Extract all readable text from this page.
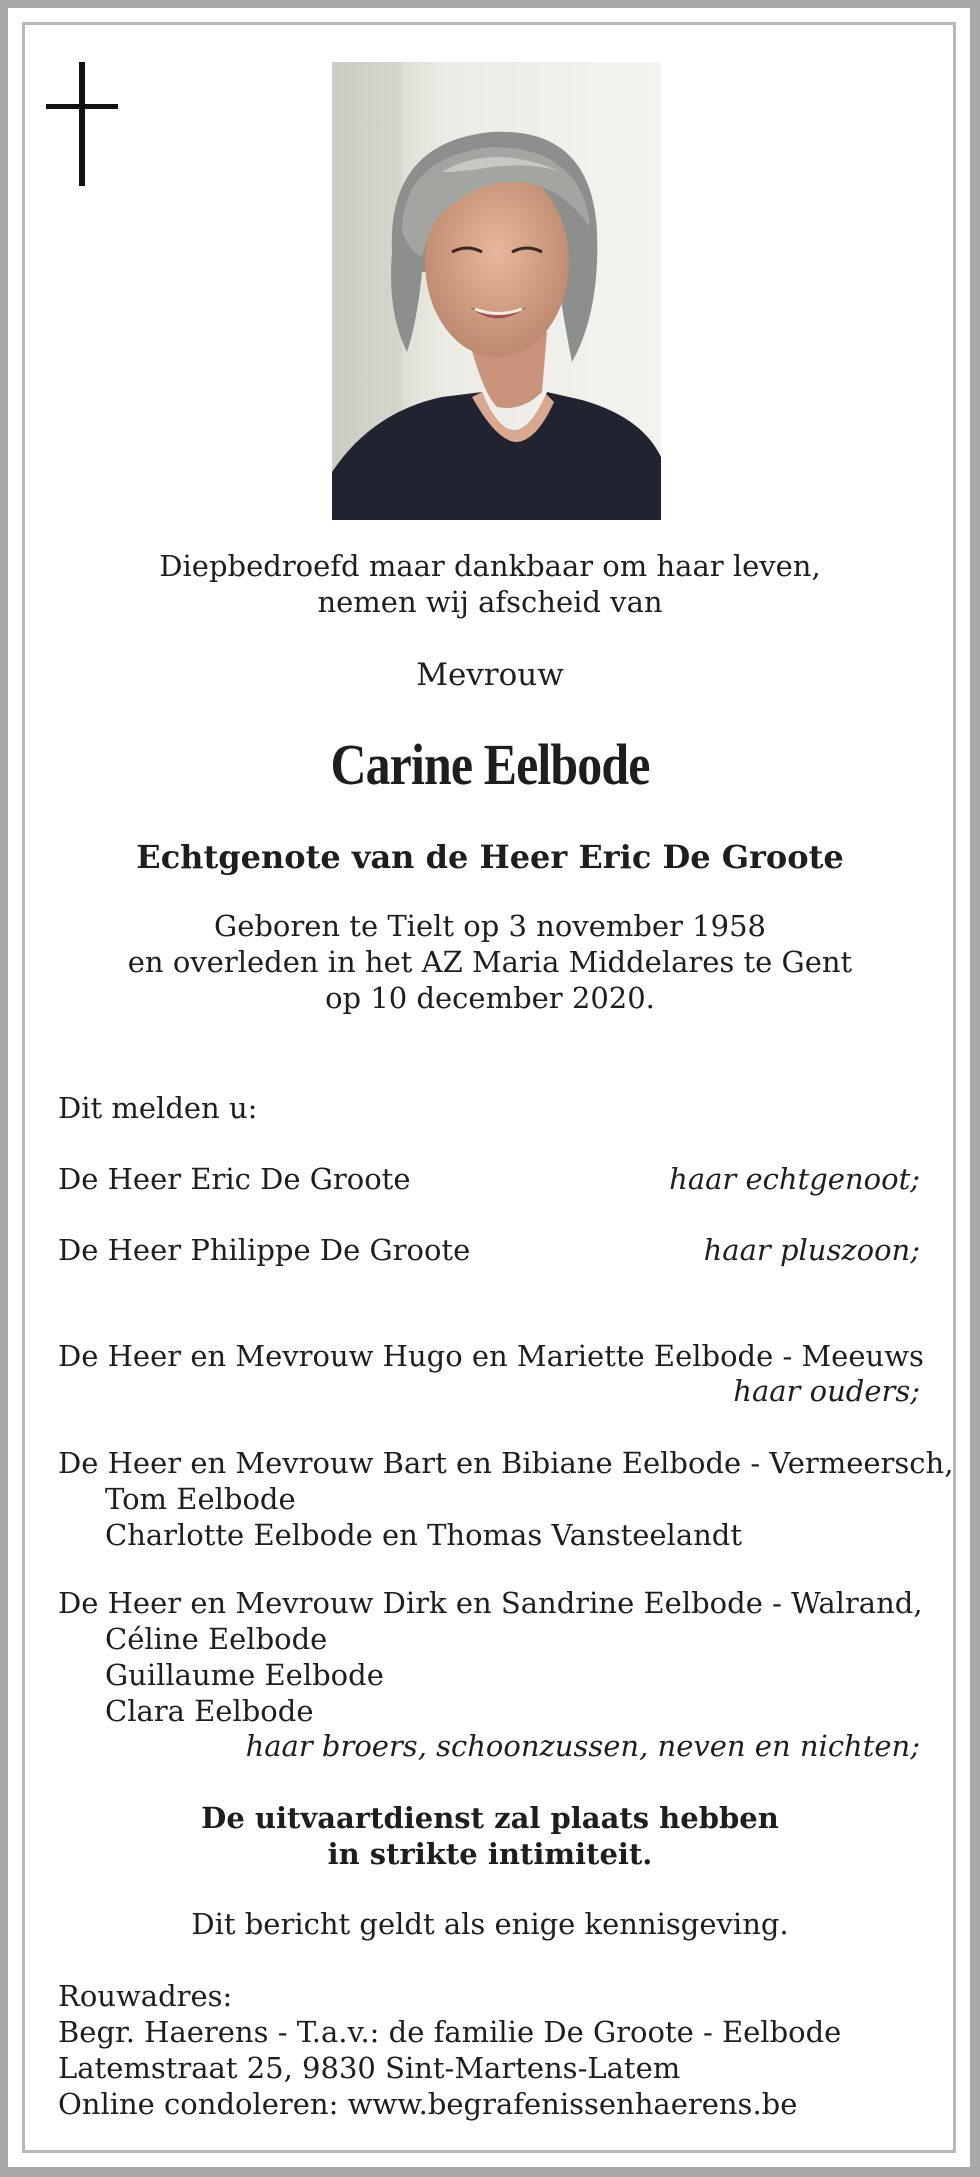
Diepbedroefd maar dankbaar om haar leven,
nemen wij afscheid van
Mevrouw
Carine Eelbode
Echtgenote van de Heer Eric De Groote
Geboren te Tielt op 3 november 1958
en overleden in het AZ Maria Middelares te Gent
op 10 december 2020.
Dit melden u:
De Heer Eric De Groote	haar echtgenoot;
De Heer Philippe De Groote	haar pluszoon;
De Heer en Mevrouw Hugo en Mariette Eelbode - Meeuws
haar ouders;
De Heer en Mevrouw Bart en Bibiane Eelbode - Vermeersch,
Tom Eelbode
Charlotte Eelbode en Thomas Vansteelandt
De Heer en Mevrouw Dirk en Sandrine Eelbode - Walrand,
Céline Eelbode
Guillaume Eelbode
Clara Eelbode
haar broers, schoonzussen, neven en nichten;
De uitvaartdienst zal plaats hebben
in strikte intimiteit.
Dit bericht geldt als enige kennisgeving.
Rouwadres:
Begr. Haerens - T.a.v.: de familie De Groote - Eelbode
Latemstraat 25, 9830 Sint-Martens-Latem
Online condoleren: www.begrafenissenhaerens.be
